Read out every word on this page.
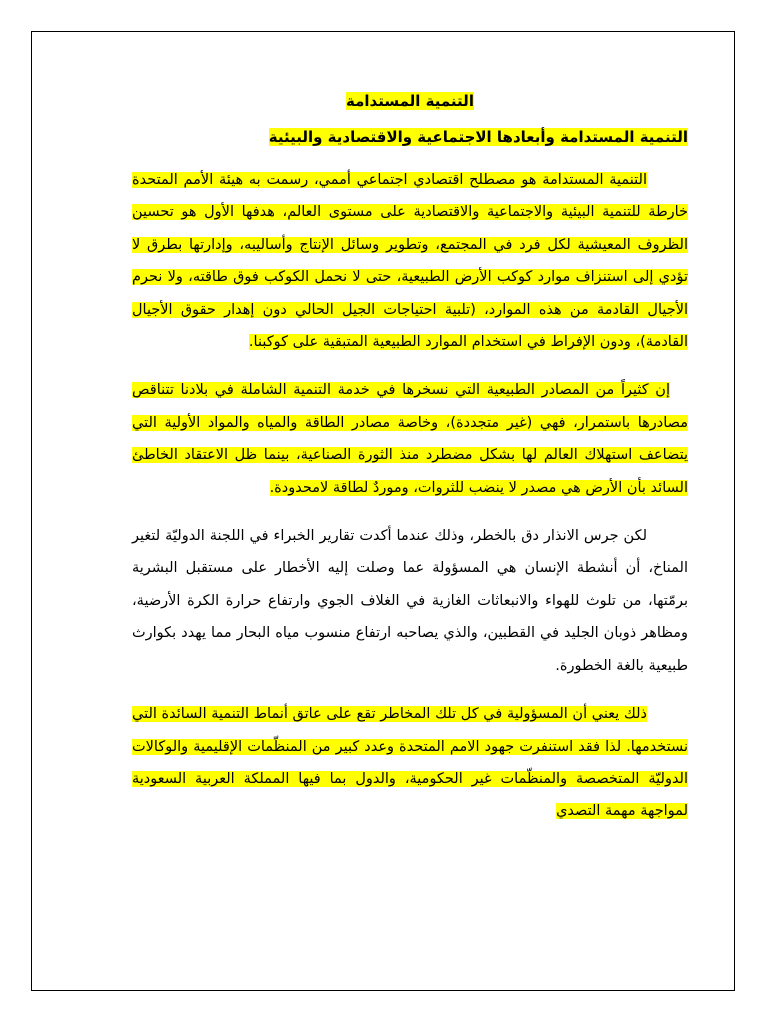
التنمية المستدامة
التنمية المستدامة وأبعادها الاجتماعية والاقتصادية والبيئية

التنمية المستدامة هو مصطلح اقتصادي اجتماعي أممي، رسمت به هيئة الأمم المتحدة خارطة للتنمية البيئية والاجتماعية والاقتصادية على مستوى العالم، هدفها الأول هو تحسين الظروف المعيشية لكل فرد في المجتمع، وتطوير وسائل الإنتاج وأساليبه، وإدارتها بطرق لا تؤدي إلى استنزاف موارد كوكب الأرض الطبيعية، حتى لا نحمل الكوكب فوق طاقته، ولا نحرم الأجيال القادمة من هذه الموارد، (تلبية احتياجات الجيل الحالي دون إهدار حقوق الأجيال القادمة)، ودون الإفراط في استخدام الموارد الطبيعية المتبقية على كوكبنا.

إن كثيراً من المصادر الطبيعية التي نسخرها في خدمة التنمية الشاملة في بلادنا تتناقص مصادرها باستمرار، فهي (غير متجددة)، وخاصة مصادر الطاقة والمياه والمواد الأولية التي يتضاعف استهلاك العالم لها بشكل مضطرد منذ الثورة الصناعية، بينما ظل الاعتقاد الخاطئ السائد بأن الأرض هي مصدر لا ينضب للثروات، وموردٌ لطاقة لامحدودة.

لكن جرس الانذار دق بالخطر، وذلك عندما أكدت تقارير الخبراء في اللجنة الدوليّة لتغير المناخ، أن أنشطة الإنسان هي المسؤولة عما وصلت إليه الأخطار على مستقبل البشرية برمّتها، من تلوث للهواء والانبعاثات الغازية في الغلاف الجوي وارتفاع حرارة الكرة الأرضية، ومظاهر ذوبان الجليد في القطبين، والذي يصاحبه ارتفاع منسوب مياه البحار مما يهدد بكوارث طبيعية بالغة الخطورة.

ذلك يعني أن المسؤولية في كل تلك المخاطر تقع على عاتق أنماط التنمية السائدة التي نستخدمها. لذا فقد استنفرت جهود الامم المتحدة وعدد كبير من المنظّمات الإقليمية والوكالات الدوليّة المتخصصة والمنظّمات غير الحكومية، والدول بما فيها المملكة العربية السعودية لمواجهة مهمة التصدي
